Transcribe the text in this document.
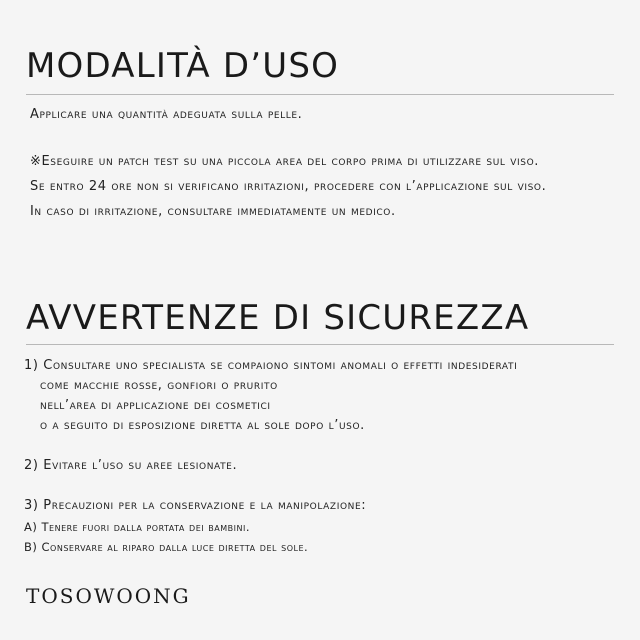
MODALITÀ D’USO

Applicare una quantità adeguata sulla pelle.

※Eseguire un patch test su una piccola area del corpo prima di utilizzare sul viso.

Se entro 24 ore non si verificano irritazioni, procedere con l’applicazione sul viso.

In caso di irritazione, consultare immediatamente un medico.

AVVERTENZE DI SICUREZZA

1) Consultare uno specialista se compaiono sintomi anomali o effetti indesiderati

come macchie rosse, gonfiori o prurito

nell’area di applicazione dei cosmetici

o a seguito di esposizione diretta al sole dopo l’uso.

2) Evitare l’uso su aree lesionate.

3) Precauzioni per la conservazione e la manipolazione:

A) Tenere fuori dalla portata dei bambini.

B) Conservare al riparo dalla luce diretta del sole.

TOSOWOONG
